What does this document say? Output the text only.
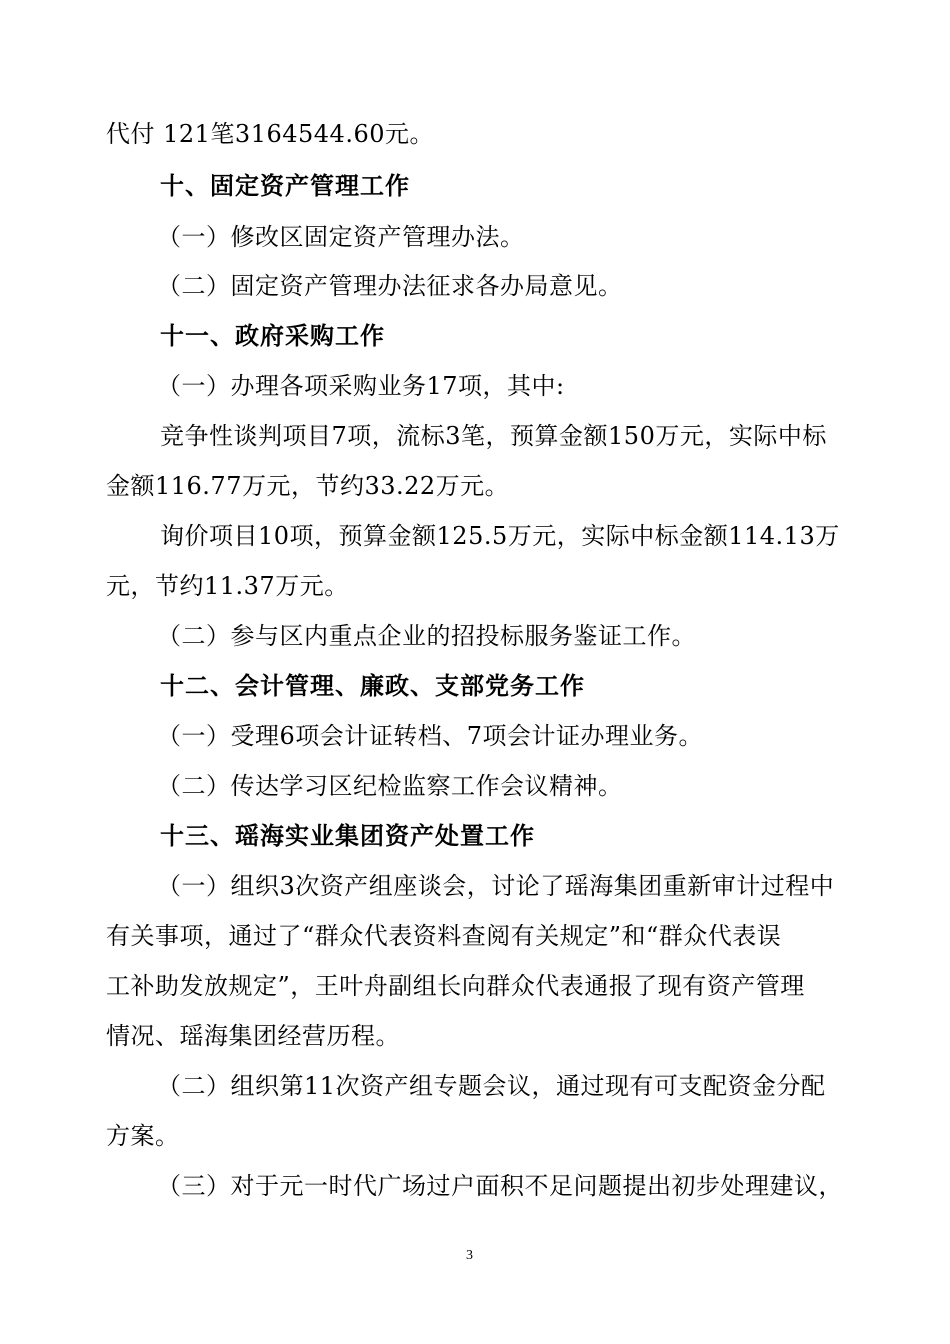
代付 121笔3164544.60元。
十、固定资产管理工作
（一）修改区固定资产管理办法。
（二）固定资产管理办法征求各办局意见。
十一、政府采购工作
（一）办理各项采购业务17项，其中:
竞争性谈判项目7项，流标3笔，预算金额150万元，实际中标
金额116.77万元，节约33.22万元。
询价项目10项，预算金额125.5万元，实际中标金额114.13万
元，节约11.37万元。
（二）参与区内重点企业的招投标服务鉴证工作。
十二、会计管理、廉政、支部党务工作
（一）受理6项会计证转档、7项会计证办理业务。
（二）传达学习区纪检监察工作会议精神。
十三、瑶海实业集团资产处置工作
（一）组织3次资产组座谈会，讨论了瑶海集团重新审计过程中
有关事项，通过了“群众代表资料查阅有关规定”和“群众代表误
工补助发放规定”，王叶舟副组长向群众代表通报了现有资产管理
情况、瑶海集团经营历程。
（二）组织第11次资产组专题会议，通过现有可支配资金分配
方案。
（三）对于元一时代广场过户面积不足问题提出初步处理建议，
3
